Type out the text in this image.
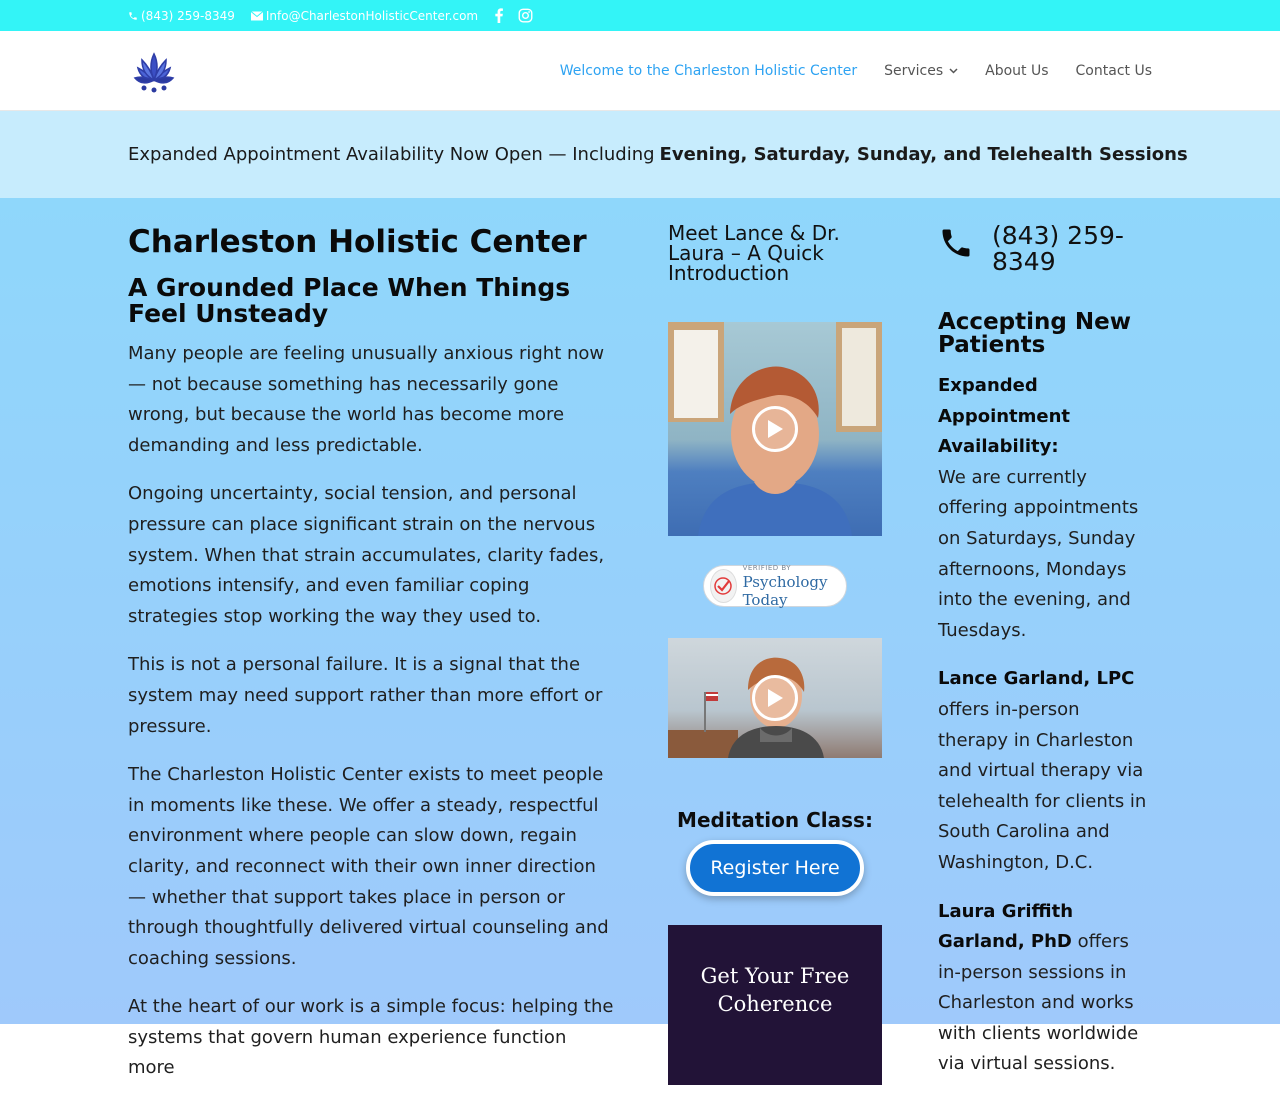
(843) 259-8349	Info@CharlestonHolisticCenter.com
Welcome to the Charleston Holistic Center Services	About Us Contact Us
Expanded Appointment Availability Now Open — Including Evening, Saturday, Sunday, and Telehealth Sessions
Charleston Holistic Center
A Grounded Place When Things Feel Unsteady

Many people are feeling unusually anxious right now — not because something has necessarily gone wrong, but because the world has become more demanding and less predictable.

Ongoing uncertainty, social tension, and personal pressure can place significant strain on the nervous system. When that strain accumulates, clarity fades, emotions intensify, and even familiar coping strategies stop working the way they used to.

This is not a personal failure. It is a signal that the system may need support rather than more effort or pressure.

The Charleston Holistic Center exists to meet people in moments like these. We offer a steady, respectful environment where people can slow down, regain clarity, and reconnect with their own inner direction — whether that support takes place in person or through thoughtfully delivered virtual counseling and coaching sessions.

At the heart of our work is a simple focus: helping the systems that govern human experience function more

Meet Lance & Dr. Laura – A Quick Introduction

VERIFIED BY
Psychology Today
Meditation Class:
Register Here
Get Your Free Coherence
(843) 259-8349
Accepting New Patients

Expanded Appointment Availability:
We are currently offering appointments on Saturdays, Sunday afternoons, Mondays into the evening, and Tuesdays.

Lance Garland, LPC
offers in-person therapy in Charleston and virtual therapy via telehealth for clients in South Carolina and Washington, D.C.

Laura Griffith Garland, PhD offers in-person sessions in Charleston and works with clients worldwide via virtual sessions.
